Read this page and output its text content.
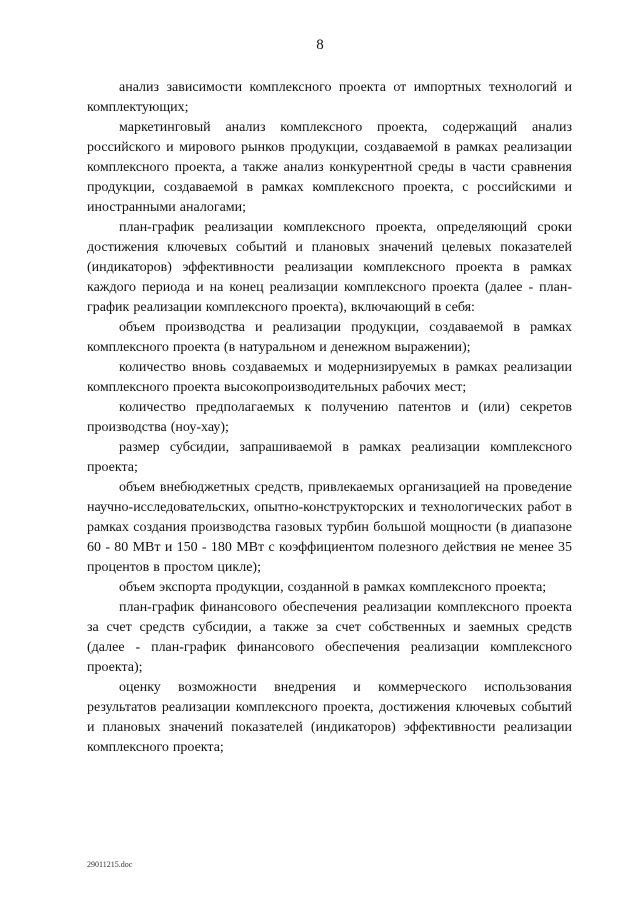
8

анализ зависимости комплексного проекта от импортных технологий и комплектующих;

маркетинговый анализ комплексного проекта, содержащий анализ российского и мирового рынков продукции, создаваемой в рамках реализации комплексного проекта, а также анализ конкурентной среды в части сравнения продукции, создаваемой в рамках комплексного проекта, с российскими и иностранными аналогами;

план-график реализации комплексного проекта, определяющий сроки достижения ключевых событий и плановых значений целевых показателей (индикаторов) эффективности реализации комплексного проекта в рамках каждого периода и на конец реализации комплексного проекта (далее - план-график реализации комплексного проекта), включающий в себя:

объем производства и реализации продукции, создаваемой в рамках комплексного проекта (в натуральном и денежном выражении);

количество вновь создаваемых и модернизируемых в рамках реализации комплексного проекта высокопроизводительных рабочих мест;

количество предполагаемых к получению патентов и (или) секретов производства (ноу-хау);

размер субсидии, запрашиваемой в рамках реализации комплексного проекта;

объем внебюджетных средств, привлекаемых организацией на проведение научно-исследовательских, опытно-конструкторских и технологических работ в рамках создания производства газовых турбин большой мощности (в диапазоне 60 - 80 МВт и 150 - 180 МВт с коэффициентом полезного действия не менее 35 процентов в простом цикле);

объем экспорта продукции, созданной в рамках комплексного проекта;

план-график финансового обеспечения реализации комплексного проекта за счет средств субсидии, а также за счет собственных и заемных средств (далее - план-график финансового обеспечения реализации комплексного проекта);

оценку возможности внедрения и коммерческого использования результатов реализации комплексного проекта, достижения ключевых событий и плановых значений показателей (индикаторов) эффективности реализации комплексного проекта;

29011215.doc
